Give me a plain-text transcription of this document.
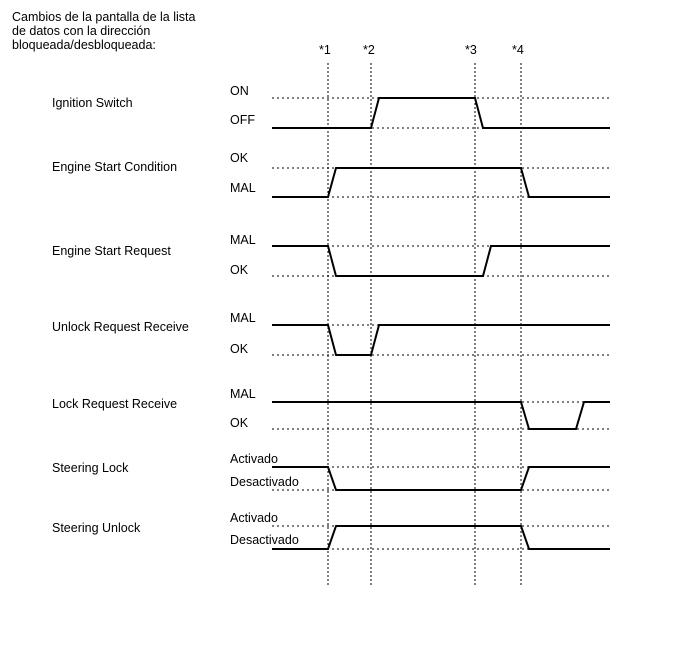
Cambios de la pantalla de la lista
de datos con la dirección
bloqueada/desbloqueada:	*1	*2	*3	*4
Ignition Switch
ON
OFF
Engine Start Condition
OK
MAL
Engine Start Request
MAL
OK
Unlock Request Receive
MAL
OK
Lock Request Receive
MAL
OK
Steering Lock
Activado
Desactivado
Steering Unlock
Activado
Desactivado
